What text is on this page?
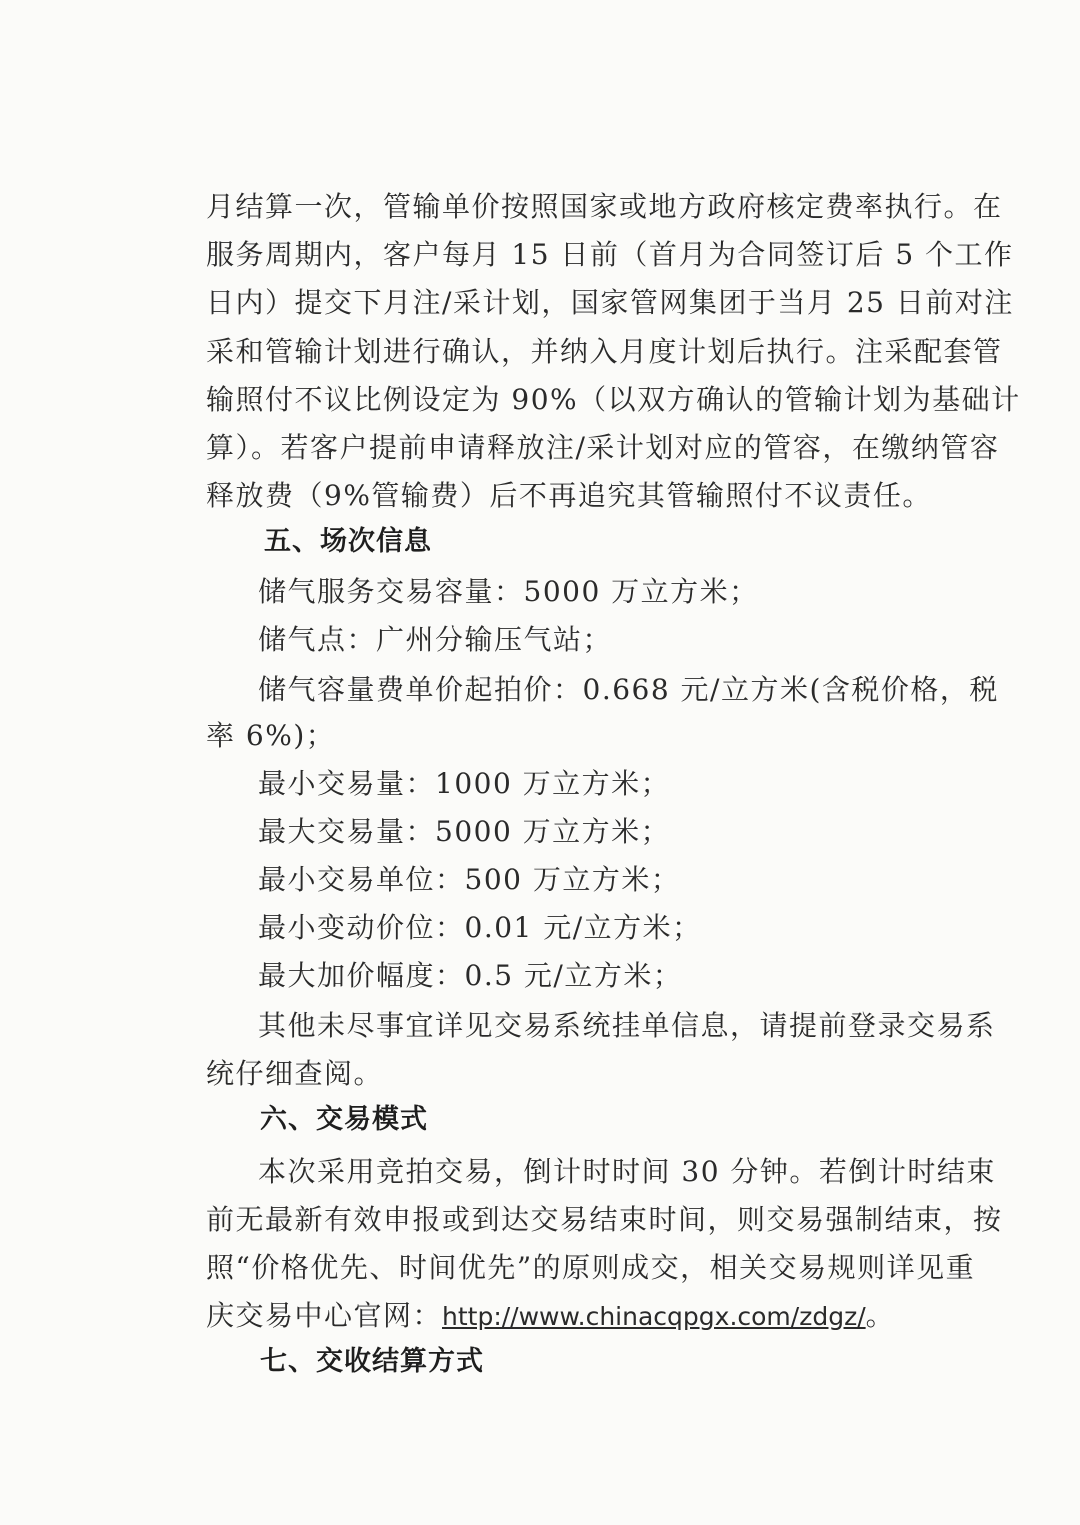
月结算一次，管输单价按照国家或地方政府核定费率执行。在
服务周期内，客户每月 15 日前（首月为合同签订后 5 个工作
日内）提交下月注/采计划，国家管网集团于当月 25 日前对注
采和管输计划进行确认，并纳入月度计划后执行。注采配套管
输照付不议比例设定为 90%（以双方确认的管输计划为基础计
算）。若客户提前申请释放注/采计划对应的管容，在缴纳管容
释放费（9%管输费）后不再追究其管输照付不议责任。
五、场次信息
储气服务交易容量：5000 万立方米；
储气点：广州分输压气站；
储气容量费单价起拍价：0.668 元/立方米(含税价格，税
率 6%)；
最小交易量：1000 万立方米；
最大交易量：5000 万立方米；
最小交易单位：500 万立方米；
最小变动价位：0.01 元/立方米；
最大加价幅度：0.5 元/立方米；
其他未尽事宜详见交易系统挂单信息，请提前登录交易系
统仔细查阅。
六、交易模式
本次采用竞拍交易，倒计时时间 30 分钟。若倒计时结束
前无最新有效申报或到达交易结束时间，则交易强制结束，按
照“价格优先、时间优先”的原则成交，相关交易规则详见重
庆交易中心官网：http://www.chinacqpgx.com/zdgz/。
七、交收结算方式
